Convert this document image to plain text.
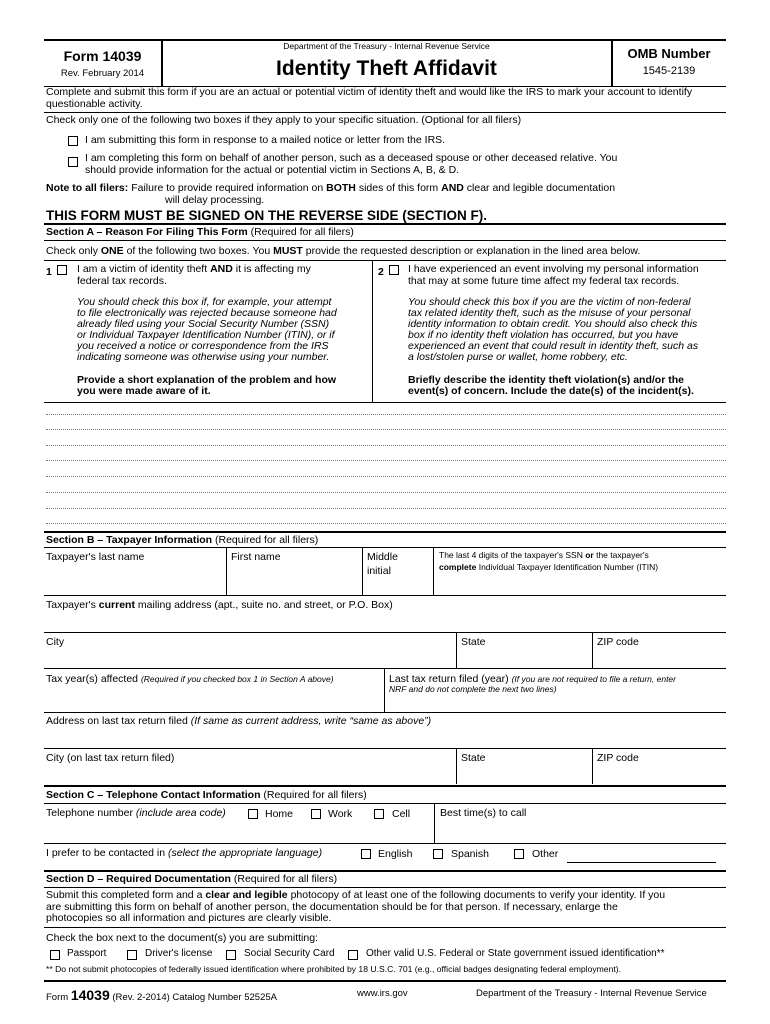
Form 14039
Rev. February 2014
Department of the Treasury - Internal Revenue Service
Identity Theft Affidavit
OMB Number
1545-2139
Complete and submit this form if you are an actual or potential victim of identity theft and would like the IRS to mark your account to identify questionable activity.
Check only one of the following two boxes if they apply to your specific situation. (Optional for all filers)
I am submitting this form in response to a mailed notice or letter from the IRS.
I am completing this form on behalf of another person, such as a deceased spouse or other deceased relative. You
should provide information for the actual or potential victim in Sections A, B, & D.
Note to all filers: Failure to provide required information on BOTH sides of this form AND clear and legible documentation
will delay processing.
THIS FORM MUST BE SIGNED ON THE REVERSE SIDE (SECTION F).
Section A – Reason For Filing This Form (Required for all filers)
Check only ONE of the following two boxes. You MUST provide the requested description or explanation in the lined area below.
1 I am a victim of identity theft AND it is affecting my
federal tax records.
You should check this box if, for example, your attempt
to file electronically was rejected because someone had
already filed using your Social Security Number (SSN)
or Individual Taxpayer Identification Number (ITIN), or if
you received a notice or correspondence from the IRS
indicating someone was otherwise using your number.
Provide a short explanation of the problem and how
you were made aware of it.
2 I have experienced an event involving my personal information
that may at some future time affect my federal tax records.
You should check this box if you are the victim of non-federal
tax related identity theft, such as the misuse of your personal
identity information to obtain credit. You should also check this
box if no identity theft violation has occurred, but you have
experienced an event that could result in identity theft, such as
a lost/stolen purse or wallet, home robbery, etc.
Briefly describe the identity theft violation(s) and/or the
event(s) of concern. Include the date(s) of the incident(s).
Section B – Taxpayer Information (Required for all filers)
Taxpayer's last name	First name	Middle
initial
The last 4 digits of the taxpayer's SSN or the taxpayer's
complete Individual Taxpayer Identification Number (ITIN)
Taxpayer's current mailing address (apt., suite no. and street, or P.O. Box)
City	State	ZIP code
Tax year(s) affected (Required if you checked box 1 in Section A above)	Last tax return filed (year) (If you are not required to file a return, enter
NRF and do not complete the next two lines)
Address on last tax return filed (If same as current address, write “same as above”)
City (on last tax return filed)	State	ZIP code
Section C – Telephone Contact Information (Required for all filers)
Telephone number (include area code)	Home	Work	Cell	Best time(s) to call
I prefer to be contacted in (select the appropriate language)	English	Spanish	Other
Section D – Required Documentation (Required for all filers)
Submit this completed form and a clear and legible photocopy of at least one of the following documents to verify your identity. If you
are submitting this form on behalf of another person, the documentation should be for that person. If necessary, enlarge the
photocopies so all information and pictures are clearly visible.
Check the box next to the document(s) you are submitting:
Passport	Driver's license	Social Security Card	Other valid U.S. Federal or State government issued identification**
** Do not submit photocopies of federally issued identification where prohibited by 18 U.S.C. 701 (e.g., official badges designating federal employment).
Form 14039 (Rev. 2-2014) Catalog Number 52525A	www.irs.gov	Department of the Treasury - Internal Revenue Service
